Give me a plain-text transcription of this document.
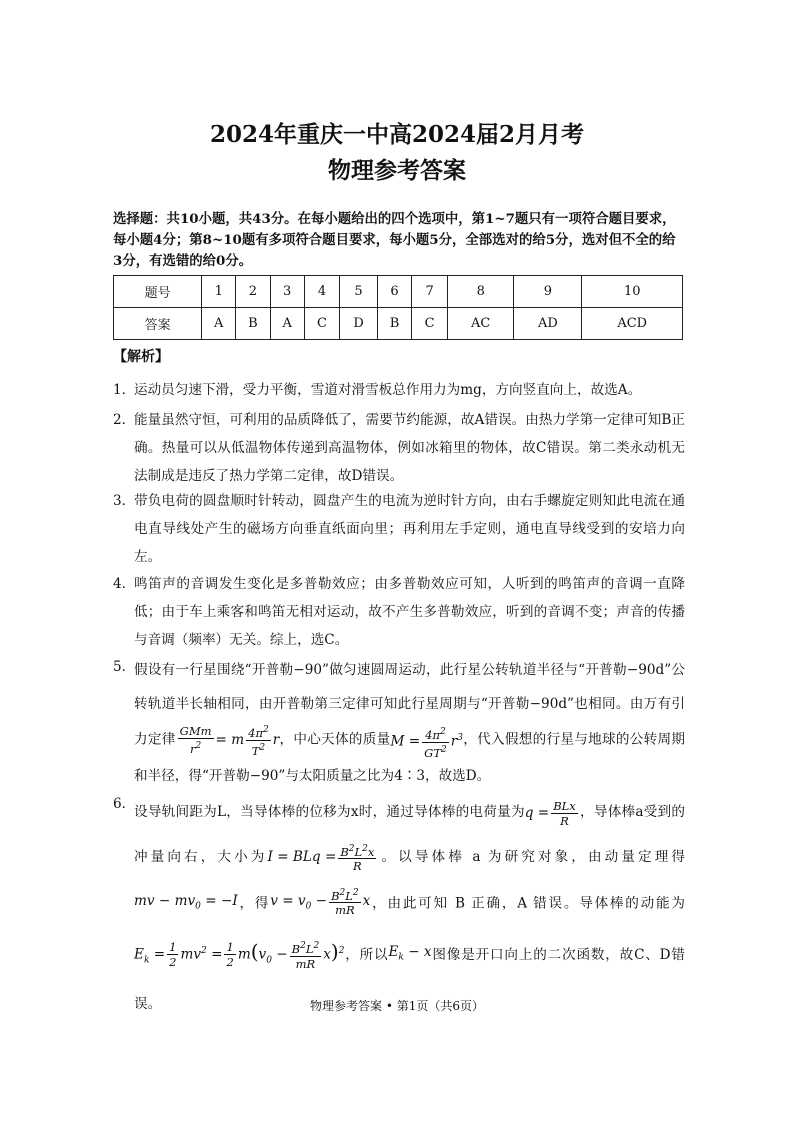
2024年重庆一中高2024届2月月考
物理参考答案
选择题：共10小题，共43分。在每小题给出的四个选项中，第1~7题只有一项符合题目要求，每小题4分；第8~10题有多项符合题目要求，每小题5分，全部选对的给5分，选对但不全的给3分，有选错的给0分。
题号	1	2	3	4	5	6	7	8	9	10
答案	A	B	A	C	D	B	C	AC	AD	ACD
【解析】
1．
运动员匀速下滑，受力平衡，雪道对滑雪板总作用力为mg，方向竖直向上，故选A。
2．
能量虽然守恒，可利用的品质降低了，需要节约能源，故A错误。由热力学第一定律可知B正确。热量可以从低温物体传递到高温物体，例如冰箱里的物体，故C错误。第二类永动机无法制成是违反了热力学第二定律，故D错误。
3．
带负电荷的圆盘顺时针转动，圆盘产生的电流为逆时针方向，由右手螺旋定则知此电流在通电直导线处产生的磁场方向垂直纸面向里；再利用左手定则，通电直导线受到的安培力向左。
4．
鸣笛声的音调发生变化是多普勒效应；由多普勒效应可知，人听到的鸣笛声的音调一直降低；由于车上乘客和鸣笛无相对运动，故不产生多普勒效应，听到的音调不变；声音的传播与音调（频率）无关。综上，选C。
5．
假设有一行星围绕“开普勒−90”做匀速圆周运动，此行星公转轨道半径与“开普勒−90d”公转轨道半长轴相同，由开普勒第三定律可知此行星周期与“开普勒−90d”也相同。由万有引力定律 $\frac{\text{GMm}}{r^2} = m \frac{4\pi^2}{T^2}$ r，中心天体的质量$M = \frac{4\pi^2}{GT^2} r^3$，代入假想的行星与地球的公转周期和半径，得“开普勒−90”与太阳质量之比为4∶3，故选D。
6．
设导轨间距为L，当导体棒的位移为x时，通过导体棒的电荷量为$q = \frac{\text{BLx}}{R}$ ，导体棒a受到的冲量向右，大小为I = BLq = $\frac{B^2L^2x}{R}$ 。以导体棒 a 为研究对象，由动量定理得mv − $mv_0 = -I$，得$v = v_0 - \frac{B^2L^2}{mR}$ x，由此可知 B 正确，A 错误。导体棒的动能为$E_k = \frac{1}{2} mv^2 = \frac{1}{2} m(v_0 - \frac{B^2L^2}{mR} x)^2$，所以$E_k - x$图像是开口向上的二次函数，故C、D错误。	物理参考答案 • 第1页（共6页）
